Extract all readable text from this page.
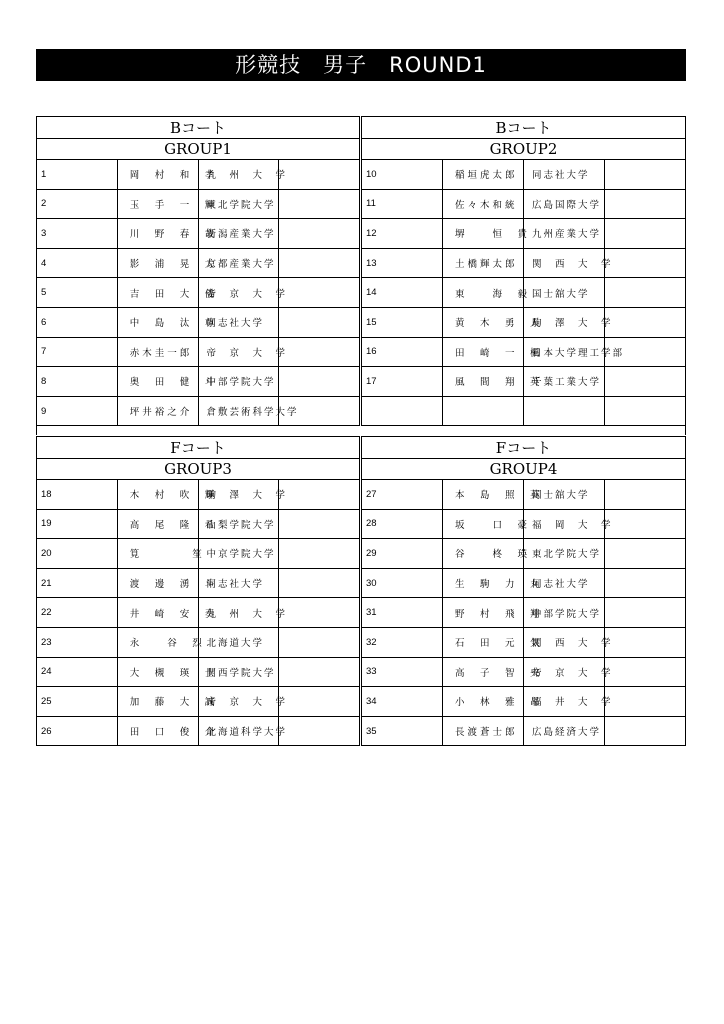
形競技　男子　ROUND1
Bコート			
GROUP1			
1	岡　村　和　孝	九　州　大　学	
2	玉　手　一　輝	東北学院大学	
3	川　野　春　哉	新潟産業大学	
4	影　浦　晃　大	京都産業大学	
5	吉　田　大　倭	帝　京　大　学	
6	中　島　汰　尊	同志社大学	
7	赤木圭一郎	帝　京　大　学	
8	奥　田　健　斗	中部学院大学	
9	坪井裕之介	倉敷芸術科学大学	
Bコート			
GROUP2			
10	稲垣虎太郎	同志社大学	
11	佐々木和統	広島国際大学	
12	堺　　恒　貴	九州産業大学	
13	土橋輝太郎	関　西　大　学	
14	東　　海　毅	国士舘大学	
15	黄　木　勇　人	駒　澤　大　学	
16	田　崎　一　楓	日本大学理工学部	
17	風　間　翔　英	千葉工業大学	

Fコート			
GROUP3			
18	木　村　吹　輝	駒　澤　大　学	
19	高　尾　隆　希	山梨学院大学	
20	筧　　　　笙	中京学院大学	
21	渡　邊　湧　斗	同志社大学	
22	井　崎　安　奏	九　州　大　学	
23	永　　谷　烈	北海道大学	
24	大　槻　瑛　士	関西学院大学	
25	加　藤　大　誠	帝　京　大　学	
26	田　口　俊　介	北海道科学大学	
Fコート			
GROUP4			
27	本　島　照　英	国士舘大学	
28	坂　　口　豪	福　岡　大　学	
29	谷　　柊　瑛	東北学院大学	
30	生　駒　力　丸	同志社大学	
31	野　村　飛　翔	中部学院大学	
32	石　田　元　気	関　西　大　学	
33	高　子　智　央	帝　京　大　学	
34	小　林　雅　昂	福　井　大　学	
35	長渡蒼士郎	広島経済大学	
